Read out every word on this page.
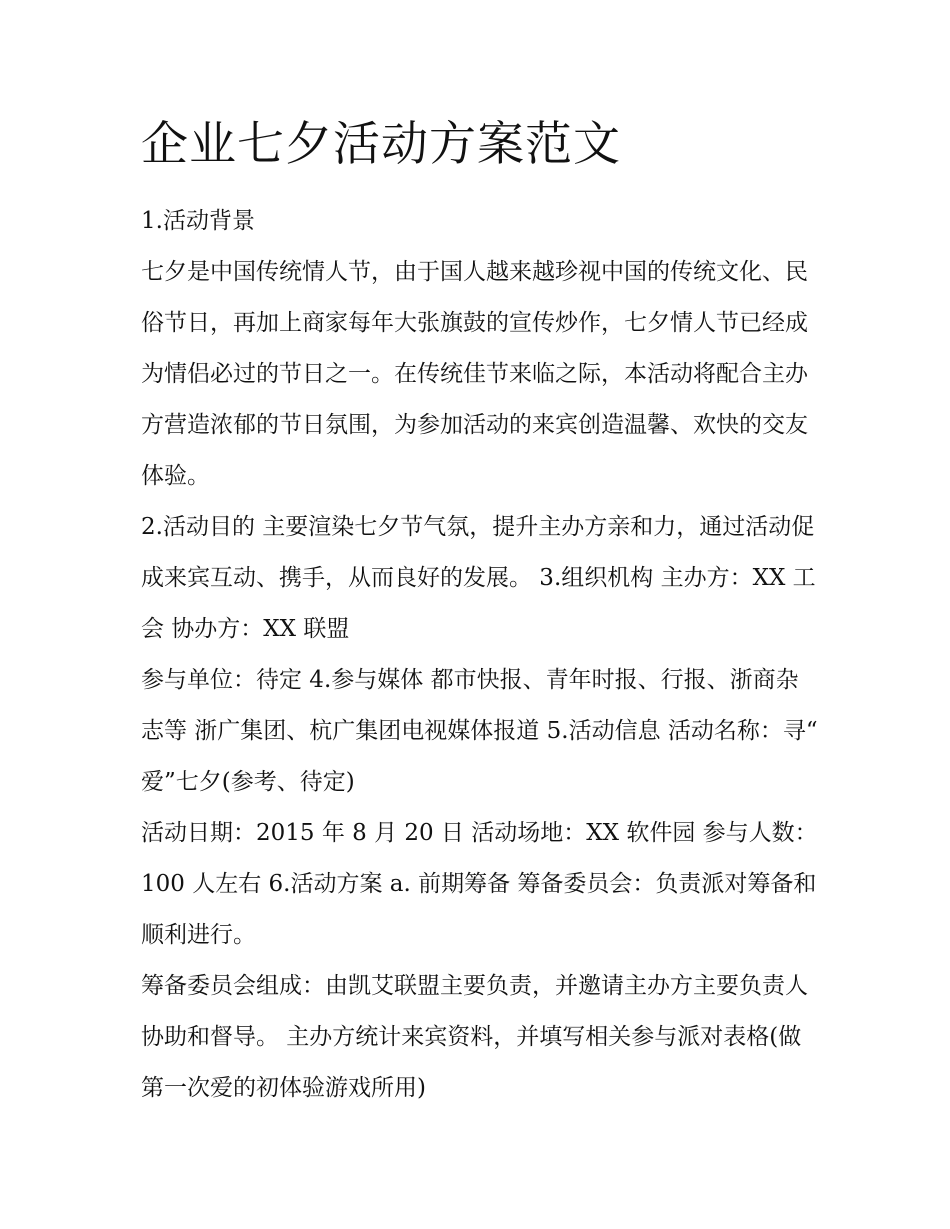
企业七夕活动方案范文

1.活动背景

七夕是中国传统情人节，由于国人越来越珍视中国的传统文化、民俗节日，再加上商家每年大张旗鼓的宣传炒作，七夕情人节已经成为情侣必过的节日之一。在传统佳节来临之际，本活动将配合主办方营造浓郁的节日氛围，为参加活动的来宾创造温馨、欢快的交友体验。

2.活动目的 主要渲染七夕节气氛，提升主办方亲和力，通过活动促成来宾互动、携手，从而良好的发展。 3.组织机构 主办方：XX 工会 协办方：XX 联盟

参与单位：待定 4.参与媒体 都市快报、青年时报、行报、浙商杂志等 浙广集团、杭广集团电视媒体报道 5.活动信息 活动名称：寻“爱”七夕(参考、待定)

活动日期：2015 年 8 月 20 日 活动场地：XX 软件园 参与人数：100 人左右 6.活动方案 a. 前期筹备 筹备委员会：负责派对筹备和顺利进行。

筹备委员会组成：由凯艾联盟主要负责，并邀请主办方主要负责人协助和督导。 主办方统计来宾资料，并填写相关参与派对表格(做第一次爱的初体验游戏所用)
